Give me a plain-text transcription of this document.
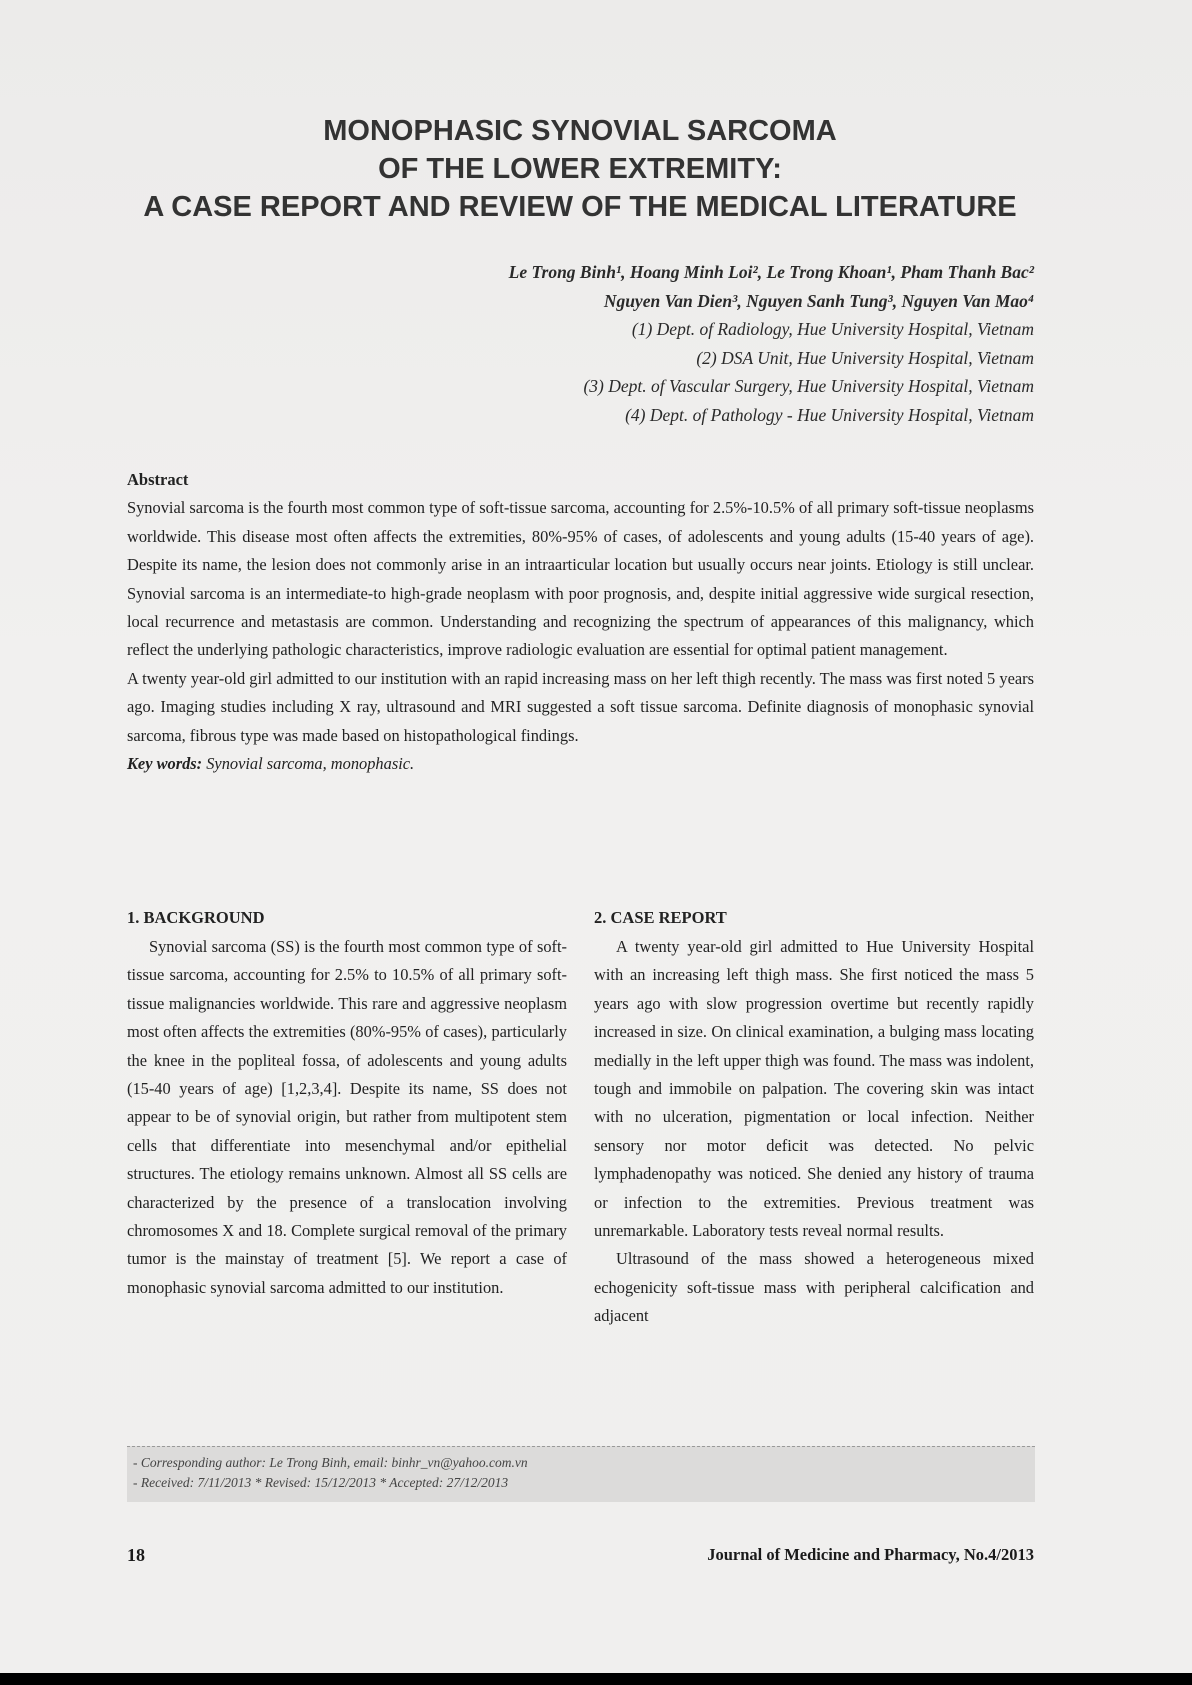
MONOPHASIC SYNOVIAL SARCOMA
OF THE LOWER EXTREMITY:
A CASE REPORT AND REVIEW OF THE MEDICAL LITERATURE
Le Trong Binh¹, Hoang Minh Loi², Le Trong Khoan¹, Pham Thanh Bac²
Nguyen Van Dien³, Nguyen Sanh Tung³, Nguyen Van Mao⁴
(1) Dept. of Radiology, Hue University Hospital, Vietnam
(2) DSA Unit, Hue University Hospital, Vietnam
(3) Dept. of Vascular Surgery, Hue University Hospital, Vietnam
(4) Dept. of Pathology - Hue University Hospital, Vietnam

Abstract

Synovial sarcoma is the fourth most common type of soft-tissue sarcoma, accounting for 2.5%-10.5% of all primary soft-tissue neoplasms worldwide. This disease most often affects the extremities, 80%-95% of cases, of adolescents and young adults (15-40 years of age). Despite its name, the lesion does not commonly arise in an intraarticular location but usually occurs near joints. Etiology is still unclear. Synovial sarcoma is an intermediate-to high-grade neoplasm with poor prognosis, and, despite initial aggressive wide surgical resection, local recurrence and metastasis are common. Understanding and recognizing the spectrum of appearances of this malignancy, which reflect the underlying pathologic characteristics, improve radiologic evaluation are essential for optimal patient management.

A twenty year-old girl admitted to our institution with an rapid increasing mass on her left thigh recently. The mass was first noted 5 years ago. Imaging studies including X ray, ultrasound and MRI suggested a soft tissue sarcoma. Definite diagnosis of monophasic synovial sarcoma, fibrous type was made based on histopathological findings.

Key words: Synovial sarcoma, monophasic.

1. BACKGROUND

Synovial sarcoma (SS) is the fourth most common type of soft-tissue sarcoma, accounting for 2.5% to 10.5% of all primary soft-tissue malignancies worldwide. This rare and aggressive neoplasm most often affects the extremities (80%-95% of cases), particularly the knee in the popliteal fossa, of adolescents and young adults (15-40 years of age) [1,2,3,4]. Despite its name, SS does not appear to be of synovial origin, but rather from multipotent stem cells that differentiate into mesenchymal and/or epithelial structures. The etiology remains unknown. Almost all SS cells are characterized by the presence of a translocation involving chromosomes X and 18. Complete surgical removal of the primary tumor is the mainstay of treatment [5]. We report a case of monophasic synovial sarcoma admitted to our institution.

2. CASE REPORT

A twenty year-old girl admitted to Hue University Hospital with an increasing left thigh mass. She first noticed the mass 5 years ago with slow progression overtime but recently rapidly increased in size. On clinical examination, a bulging mass locating medially in the left upper thigh was found. The mass was indolent, tough and immobile on palpation. The covering skin was intact with no ulceration, pigmentation or local infection. Neither sensory nor motor deficit was detected. No pelvic lymphadenopathy was noticed. She denied any history of trauma or infection to the extremities. Previous treatment was unremarkable. Laboratory tests reveal normal results.

Ultrasound of the mass showed a heterogeneous mixed echogenicity soft-tissue mass with peripheral calcification and adjacent

- Corresponding author: Le Trong Binh, email: binhr_vn@yahoo.com.vn
- Received: 7/11/2013 * Revised: 15/12/2013 * Accepted: 27/12/2013
18	Journal of Medicine and Pharmacy, No.4/2013
